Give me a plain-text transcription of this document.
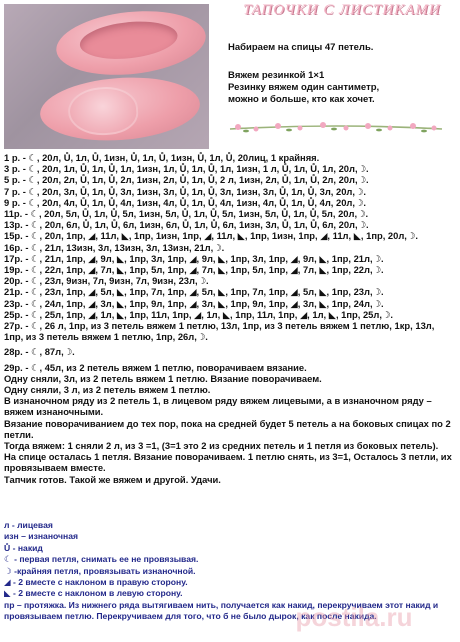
ТАПОЧКИ С ЛИСТИКАМИ
Набираем на спицы 47 петель.
Вяжем резинкой 1×1
Резинку вяжем один сантиметр,
можно и больше, кто как хочет.
1 р. - ☾, 20л, Ů, 1л, Ů, 1изн, Ů, 1л, Ů, 1изн, Ů, 1л, Ů, 20лиц, 1 крайняя.
3 р. - ☾, 20л, 1л, Ů, 1л, Ů, 1л, 1изн, 1л, Ů, 1л, Ů, 1л, 1изн, 1 л, Ů, 1л, Ů, 1л, 20л,☽.
5 р. - ☾, 20л, 2л, Ů, 1л, Ů, 2л, 1изн, 2л, Ů, 1л, Ů, 2 л, 1изн, 2л, Ů, 1л, Ů, 2л, 20л,☽.
7 р. - ☾, 20л, 3л, Ů, 1л, Ů, 3л, 1изн, 3л, Ů, 1л, Ů, 3л, 1изн, 3л, Ů, 1л, Ů, 3л, 20л,☽.
9 р. - ☾, 20л, 4л, Ů, 1л, Ů, 4л, 1изн, 4л, Ů, 1л, Ů, 4л, 1изн, 4л, Ů, 1л, Ů, 4л, 20л,☽.
11р. - ☾, 20л, 5л, Ů, 1л, Ů, 5л, 1изн, 5л, Ů, 1л, Ů, 5л, 1изн, 5л, Ů, 1л, Ů, 5л, 20л,☽.
13р. - ☾, 20л, 6л, Ů, 1л, Ů, 6л, 1изн, 6л, Ů, 1л, Ů, 6л, 1изн, 3л, Ů, 1л, Ů, 6л, 20л,☽.
15р. - ☾, 20л, 1пр, ◢, 11л, ◣, 1пр, 1изн, 1пр, ◢, 11л, ◣, 1пр, 1изн, 1пр, ◢, 11л, ◣, 1пр, 20л,☽.
16р. - ☾, 21л, 13изн, 3л, 13изн, 3л, 13изн, 21л,☽.
17р. - ☾, 21л, 1пр, ◢, 9л, ◣, 1пр, 3л, 1пр, ◢, 9л, ◣, 1пр, 3л, 1пр, ◢, 9л, ◣, 1пр, 21л,☽.
19р. - ☾, 22л, 1пр, ◢, 7л, ◣, 1пр, 5л, 1пр, ◢, 7л, ◣, 1пр, 5л, 1пр, ◢, 7л, ◣, 1пр, 22л,☽.
20р. - ☾, 23л, 9изн, 7л, 9изн, 7л, 9изн, 23л,☽.
21р. - ☾, 23л, 1пр, ◢, 5л, ◣, 1пр, 7л, 1пр, ◢, 5л, ◣, 1пр, 7л, 1пр, ◢, 5л, ◣, 1пр, 23л,☽.
23р. - ☾, 24л, 1пр, ◢, 3л, ◣, 1пр, 9л, 1пр, ◢, 3л, ◣, 1пр, 9л, 1пр, ◢, 3л, ◣, 1пр, 24л,☽.
25р. - ☾, 25л, 1пр, ◢, 1л, ◣, 1пр, 11л, 1пр, ◢, 1л, ◣, 1пр, 11л, 1пр, ◢, 1л, ◣, 1пр, 25л,☽.
27р. - ☾, 26 л, 1пр, из 3 петель вяжем 1 петлю, 13л, 1пр, из 3 петель вяжем 1 петлю, 1кр, 13л, 1пр, из 3 петель вяжем 1 петлю, 1пр, 26л,☽.
28р. - ☾, 87л,☽.
29р. - ☾, 45л, из 2 петель вяжем 1 петлю, поворачиваем вязание.
Одну сняли, 3л, из 2 петель вяжем 1 петлю. Вязание поворачиваем.
Одну сняли, 3 л, из 2 петель вяжем 1 петлю.
В изнаночном ряду из 2 петель 1, в лицевом ряду вяжем лицевыми, а в изнаночном ряду – вяжем изнаночными.
Вязание поворачиванием до тех пор, пока на средней будет 5 петель а на боковых спицах по 2 петли.
Тогда вяжем: 1 сняли 2 л, из 3 =1, (3=1 это 2 из средних петель и 1 петля из боковых петель).
На спице осталась 1 петля. Вязание поворачиваем. 1 петлю снять, из 3=1, Осталось 3 петли, их провязываем вместе.
Тапчик готов. Такой же вяжем и другой. Удачи.
л - лицевая
изн – изнаночная
Ů - накид
☾ - первая петля, снимать ее не провязывая.
☽ -крайняя петля, провязывать изнаночной.
◢ - 2 вместе с наклоном в правую сторону.
◣ - 2 вместе с наклоном в левую сторону.
пр – протяжка. Из нижнего ряда вытягиваем нить, получается как накид, перекручиваем этот накид и провязываем петлю. Перекручиваем для того, что б не было дырок, как после накида.
postila.ru
